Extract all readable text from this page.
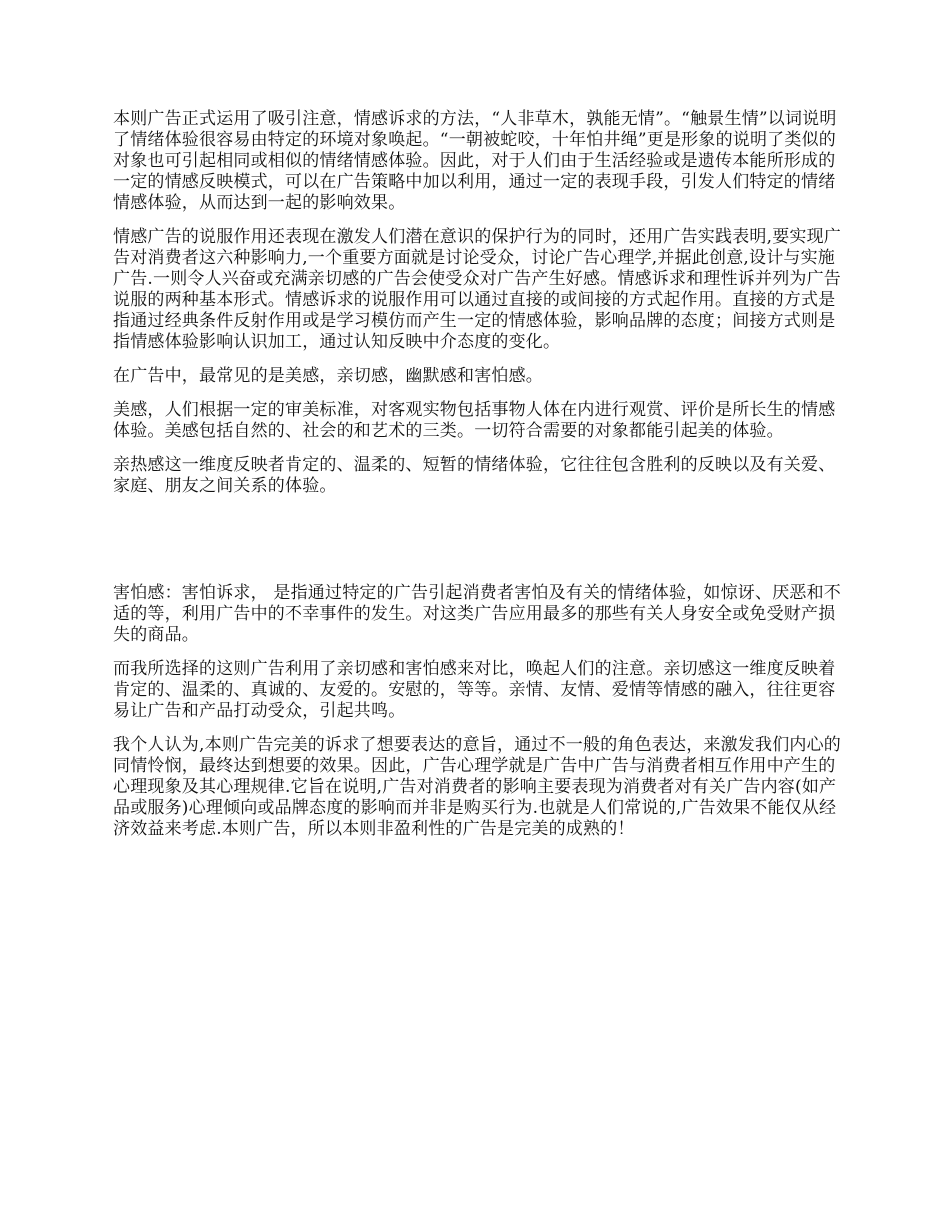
本则广告正式运用了吸引注意，情感诉求的方法，“人非草木，孰能无情”。“触景生情”以词说明了情绪体验很容易由特定的环境对象唤起。“一朝被蛇咬，十年怕井绳”更是形象的说明了类似的对象也可引起相同或相似的情绪情感体验。因此，对于人们由于生活经验或是遗传本能所形成的一定的情感反映模式，可以在广告策略中加以利用，通过一定的表现手段，引发人们特定的情绪情感体验，从而达到一起的影响效果。

情感广告的说服作用还表现在激发人们潜在意识的保护行为的同时，还用广告实践表明,要实现广告对消费者这六种影响力,一个重要方面就是讨论受众，讨论广告心理学,并据此创意,设计与实施广告.一则令人兴奋或充满亲切感的广告会使受众对广告产生好感。情感诉求和理性诉并列为广告说服的两种基本形式。情感诉求的说服作用可以通过直接的或间接的方式起作用。直接的方式是指通过经典条件反射作用或是学习模仿而产生一定的情感体验，影响品牌的态度；间接方式则是指情感体验影响认识加工，通过认知反映中介态度的变化。

在广告中，最常见的是美感，亲切感，幽默感和害怕感。

美感，人们根据一定的审美标准，对客观实物包括事物人体在内进行观赏、评价是所长生的情感体验。美感包括自然的、社会的和艺术的三类。一切符合需要的对象都能引起美的体验。

亲热感这一维度反映者肯定的、温柔的、短暂的情绪体验，它往往包含胜利的反映以及有关爱、家庭、朋友之间关系的体验。

害怕感：害怕诉求， 是指通过特定的广告引起消费者害怕及有关的情绪体验，如惊讶、厌恶和不适的等，利用广告中的不幸事件的发生。对这类广告应用最多的那些有关人身安全或免受财产损失的商品。

而我所选择的这则广告利用了亲切感和害怕感来对比，唤起人们的注意。亲切感这一维度反映着肯定的、温柔的、真诚的、友爱的。安慰的，等等。亲情、友情、爱情等情感的融入，往往更容易让广告和产品打动受众，引起共鸣。

我个人认为,本则广告完美的诉求了想要表达的意旨，通过不一般的角色表达，来激发我们内心的同情怜悯，最终达到想要的效果。因此，广告心理学就是广告中广告与消费者相互作用中产生的心理现象及其心理规律.它旨在说明,广告对消费者的影响主要表现为消费者对有关广告内容(如产品或服务)心理倾向或品牌态度的影响而并非是购买行为.也就是人们常说的,广告效果不能仅从经济效益来考虑.本则广告，所以本则非盈利性的广告是完美的成熟的！
